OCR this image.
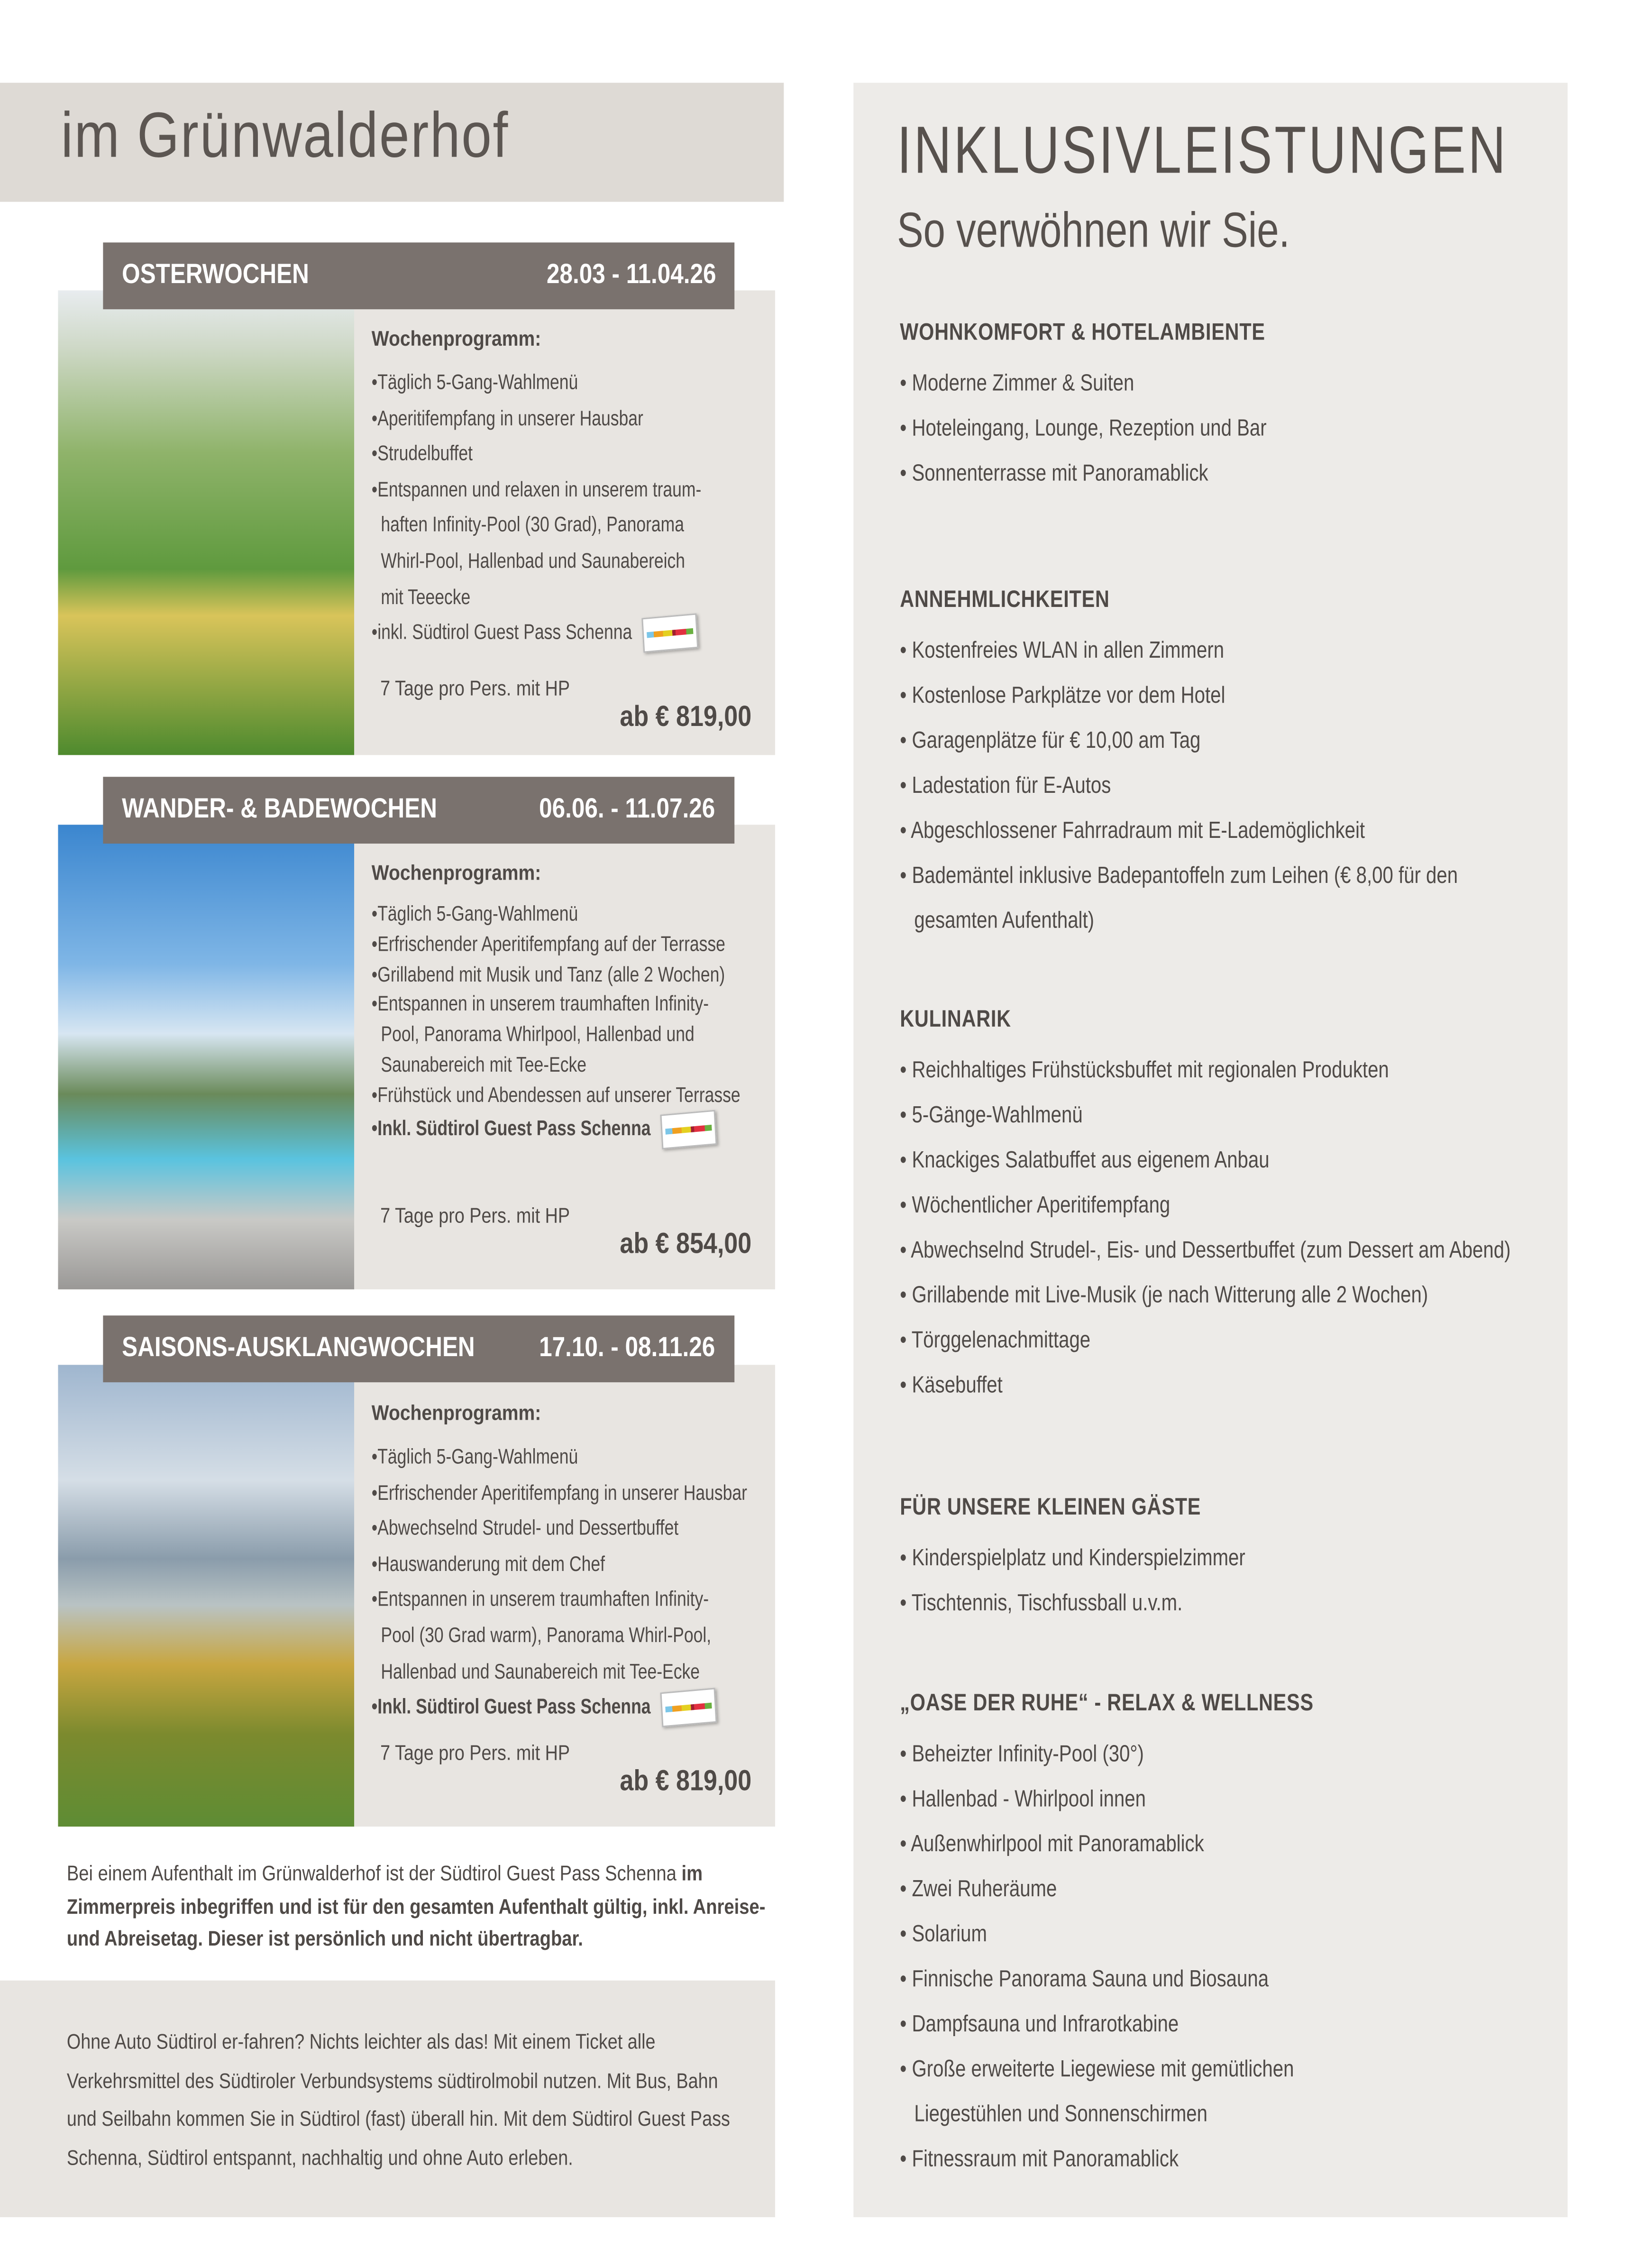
im Grünwalderhof
Wochenprogramm:
•Täglich 5-Gang-Wahlmenü
•Aperitifempfang in unserer Hausbar
•Strudelbuffet
•Entspannen und relaxen in unserem traum-
haften Infinity-Pool (30 Grad), Panorama
Whirl-Pool, Hallenbad und Saunabereich
mit Teeecke
•inkl. Südtirol Guest Pass Schenna
7 Tage pro Pers. mit HP
ab € 819,00
OSTERWOCHEN	28.03 - 11.04.26
Wochenprogramm:
•Täglich 5-Gang-Wahlmenü
•Erfrischender Aperitifempfang auf der Terrasse
•Grillabend mit Musik und Tanz (alle 2 Wochen)
•Entspannen in unserem traumhaften Infinity-
Pool, Panorama Whirlpool, Hallenbad und
Saunabereich mit Tee-Ecke
•Frühstück und Abendessen auf unserer Terrasse
•Inkl. Südtirol Guest Pass Schenna
7 Tage pro Pers. mit HP
ab € 854,00
WANDER- & BADEWOCHEN	06.06. - 11.07.26
Wochenprogramm:
•Täglich 5-Gang-Wahlmenü
•Erfrischender Aperitifempfang in unserer Hausbar
•Abwechselnd Strudel- und Dessertbuffet
•Hauswanderung mit dem Chef
•Entspannen in unserem traumhaften Infinity-
Pool (30 Grad warm), Panorama Whirl-Pool,
Hallenbad und Saunabereich mit Tee-Ecke
•Inkl. Südtirol Guest Pass Schenna
7 Tage pro Pers. mit HP
ab € 819,00
SAISONS-AUSKLANGWOCHEN	17.10. - 08.11.26

Bei einem Aufenthalt im Grünwalderhof ist der Südtirol Guest Pass Schenna im Zimmerpreis inbegriffen und ist für den gesamten Aufenthalt gültig, inkl. Anreise- und Abreisetag. Dieser ist persönlich und nicht übertragbar.

Ohne Auto Südtirol er-fahren? Nichts leichter als das! Mit einem Ticket alle Verkehrsmittel des Südtiroler Verbundsystems südtirolmobil nutzen. Mit Bus, Bahn und Seilbahn kommen Sie in Südtirol (fast) überall hin. Mit dem Südtirol Guest Pass Schenna, Südtirol entspannt, nachhaltig und ohne Auto erleben.

INKLUSIVLEISTUNGEN
So verwöhnen wir Sie.
WOHNKOMFORT & HOTELAMBIENTE
• Moderne Zimmer & Suiten
• Hoteleingang, Lounge, Rezeption und Bar
• Sonnenterrasse mit Panoramablick
ANNEHMLICHKEITEN
• Kostenfreies WLAN in allen Zimmern
• Kostenlose Parkplätze vor dem Hotel
• Garagenplätze für € 10,00 am Tag
• Ladestation für E-Autos
• Abgeschlossener Fahrradraum mit E-Lademöglichkeit
• Bademäntel inklusive Badepantoffeln zum Leihen (€ 8,00 für den
gesamten Aufenthalt)
KULINARIK
• Reichhaltiges Frühstücksbuffet mit regionalen Produkten
• 5-Gänge-Wahlmenü
• Knackiges Salatbuffet aus eigenem Anbau
• Wöchentlicher Aperitifempfang
• Abwechselnd Strudel-, Eis- und Dessertbuffet (zum Dessert am Abend)
• Grillabende mit Live-Musik (je nach Witterung alle 2 Wochen)
• Törggelenachmittage
• Käsebuffet
FÜR UNSERE KLEINEN GÄSTE
• Kinderspielplatz und Kinderspielzimmer
• Tischtennis, Tischfussball u.v.m.
„OASE DER RUHE“ - RELAX & WELLNESS
• Beheizter Infinity-Pool (30°)
• Hallenbad - Whirlpool innen
• Außenwhirlpool mit Panoramablick
• Zwei Ruheräume
• Solarium
• Finnische Panorama Sauna und Biosauna
• Dampfsauna und Infrarotkabine
• Große erweiterte Liegewiese mit gemütlichen
Liegestühlen und Sonnenschirmen
• Fitnessraum mit Panoramablick
